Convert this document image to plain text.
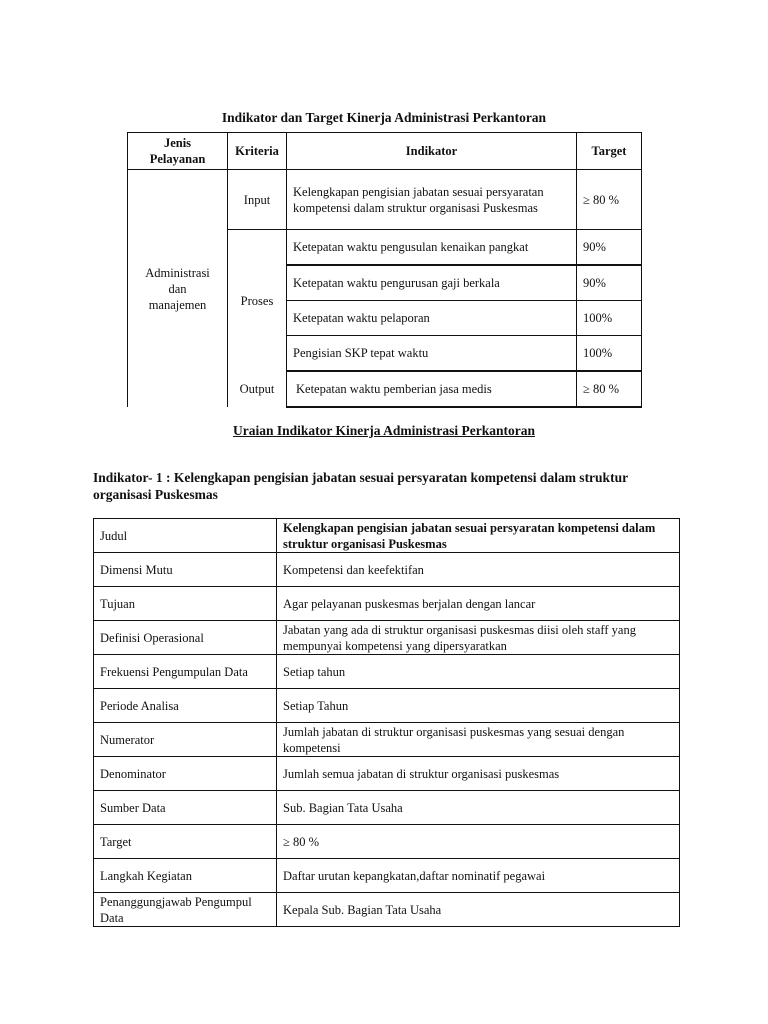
Indikator dan Target Kinerja Administrasi Perkantoran
Jenis
Pelayanan	Kriteria	Indikator	Target

Administrasi
dan
manajemen	Input	Kelengkapan pengisian jabatan sesuai persyaratan kompetensi dalam struktur organisasi Puskesmas	≥ 80 %
	Proses	Ketepatan waktu pengusulan kenaikan pangkat	90%
		Ketepatan waktu pengurusan gaji berkala	90%
		Ketepatan waktu pelaporan	100%
		Pengisian SKP tepat waktu	100%
	Output	Ketepatan waktu pemberian jasa medis	≥ 80 %
Uraian Indikator Kinerja Administrasi Perkantoran
Indikator- 1 : Kelengkapan pengisian jabatan sesuai persyaratan kompetensi dalam struktur organisasi Puskesmas
Judul	Kelengkapan pengisian jabatan sesuai persyaratan kompetensi dalam struktur organisasi Puskesmas
Dimensi Mutu	Kompetensi dan keefektifan
Tujuan	Agar pelayanan puskesmas berjalan dengan lancar
Definisi Operasional	Jabatan yang ada di struktur organisasi puskesmas diisi oleh staff yang mempunyai kompetensi yang dipersyaratkan
Frekuensi Pengumpulan Data	Setiap tahun
Periode Analisa	Setiap Tahun
Numerator	Jumlah jabatan di struktur organisasi puskesmas yang sesuai dengan kompetensi
Denominator	Jumlah semua jabatan di struktur organisasi puskesmas
Sumber Data	Sub. Bagian Tata Usaha
Target	≥ 80 %
Langkah Kegiatan	Daftar urutan kepangkatan,daftar nominatif pegawai
Penanggungjawab Pengumpul Data	Kepala Sub. Bagian Tata Usaha
